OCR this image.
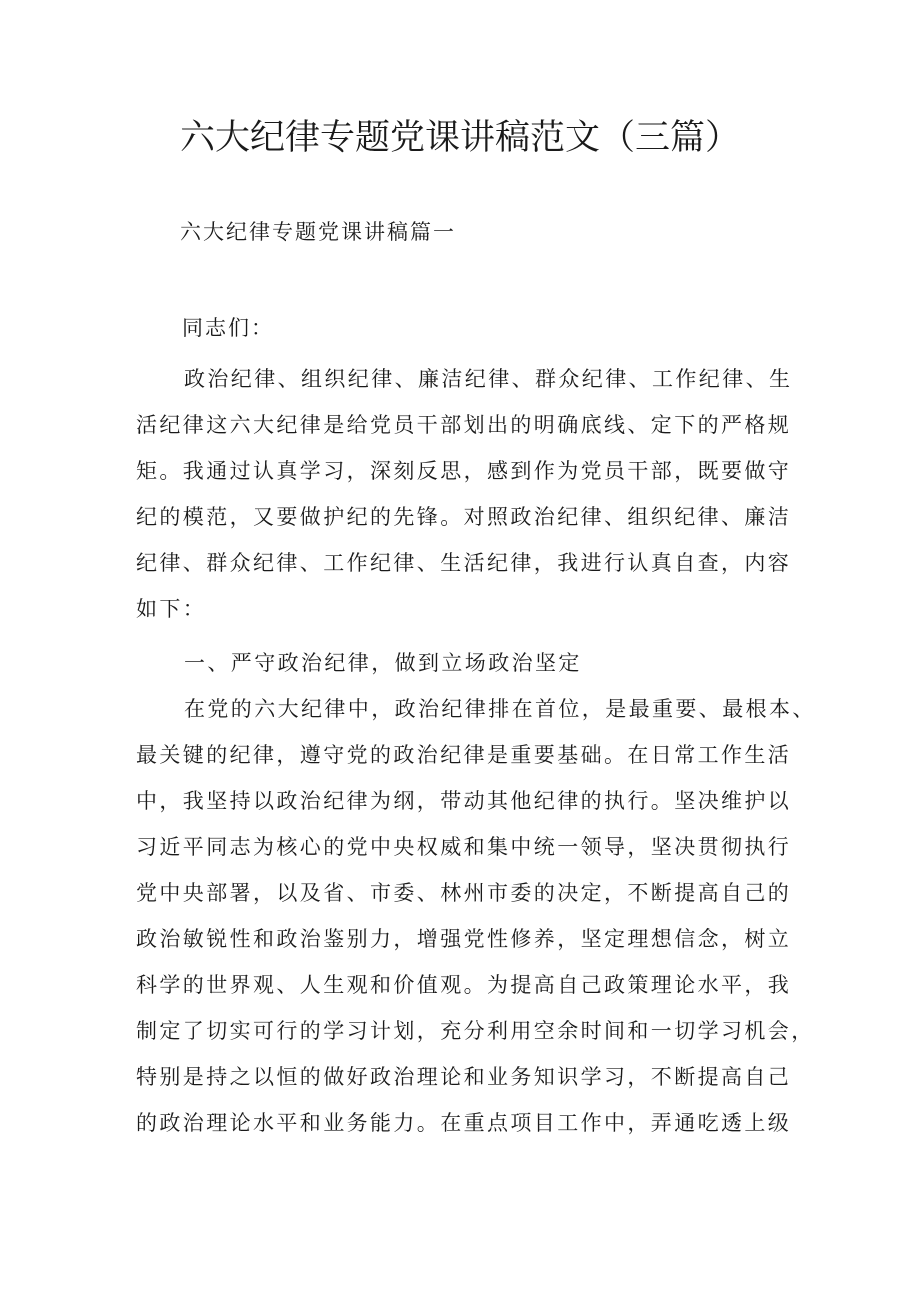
六大纪律专题党课讲稿范文（三篇）
六大纪律专题党课讲稿篇一
同志们：
政治纪律、组织纪律、廉洁纪律、群众纪律、工作纪律、生
活纪律这六大纪律是给党员干部划出的明确底线、定下的严格规
矩。我通过认真学习，深刻反思，感到作为党员干部，既要做守
纪的模范，又要做护纪的先锋。对照政治纪律、组织纪律、廉洁
纪律、群众纪律、工作纪律、生活纪律，我进行认真自查，内容
如下：
一、严守政治纪律，做到立场政治坚定
在党的六大纪律中，政治纪律排在首位，是最重要、最根本、
最关键的纪律，遵守党的政治纪律是重要基础。在日常工作生活
中，我坚持以政治纪律为纲，带动其他纪律的执行。坚决维护以
习近平同志为核心的党中央权威和集中统一领导，坚决贯彻执行
党中央部署，以及省、市委、林州市委的决定，不断提高自己的
政治敏锐性和政治鉴别力，增强党性修养，坚定理想信念，树立
科学的世界观、人生观和价值观。为提高自己政策理论水平，我
制定了切实可行的学习计划，充分利用空余时间和一切学习机会，
特别是持之以恒的做好政治理论和业务知识学习，不断提高自己
的政治理论水平和业务能力。在重点项目工作中，弄通吃透上级
